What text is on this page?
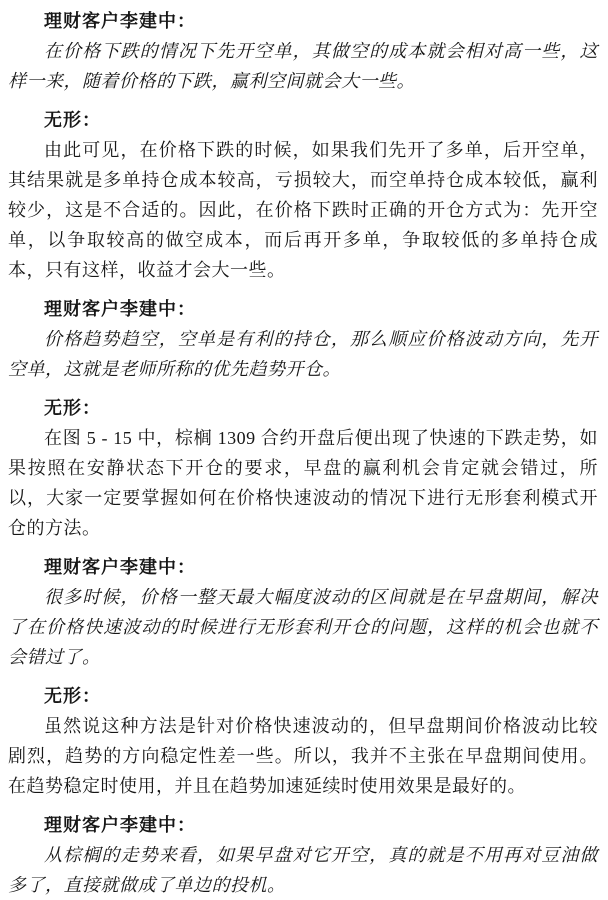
理财客户李建中：

在价格下跌的情况下先开空单，其做空的成本就会相对高一些，这样一来，随着价格的下跌，赢利空间就会大一些。

无形：

由此可见，在价格下跌的时候，如果我们先开了多单，后开空单，其结果就是多单持仓成本较高，亏损较大，而空单持仓成本较低，赢利较少，这是不合适的。因此，在价格下跌时正确的开仓方式为：先开空单，以争取较高的做空成本，而后再开多单，争取较低的多单持仓成本，只有这样，收益才会大一些。

理财客户李建中：

价格趋势趋空，空单是有利的持仓，那么顺应价格波动方向，先开空单，这就是老师所称的优先趋势开仓。

无形：

在图 5 - 15 中，棕榈 1309 合约开盘后便出现了快速的下跌走势，如果按照在安静状态下开仓的要求，早盘的赢利机会肯定就会错过，所以，大家一定要掌握如何在价格快速波动的情况下进行无形套利模式开仓的方法。

理财客户李建中：

很多时候，价格一整天最大幅度波动的区间就是在早盘期间，解决了在价格快速波动的时候进行无形套利开仓的问题，这样的机会也就不会错过了。

无形：

虽然说这种方法是针对价格快速波动的，但早盘期间价格波动比较剧烈，趋势的方向稳定性差一些。所以，我并不主张在早盘期间使用。在趋势稳定时使用，并且在趋势加速延续时使用效果是最好的。

理财客户李建中：

从棕榈的走势来看，如果早盘对它开空，真的就是不用再对豆油做多了，直接就做成了单边的投机。
